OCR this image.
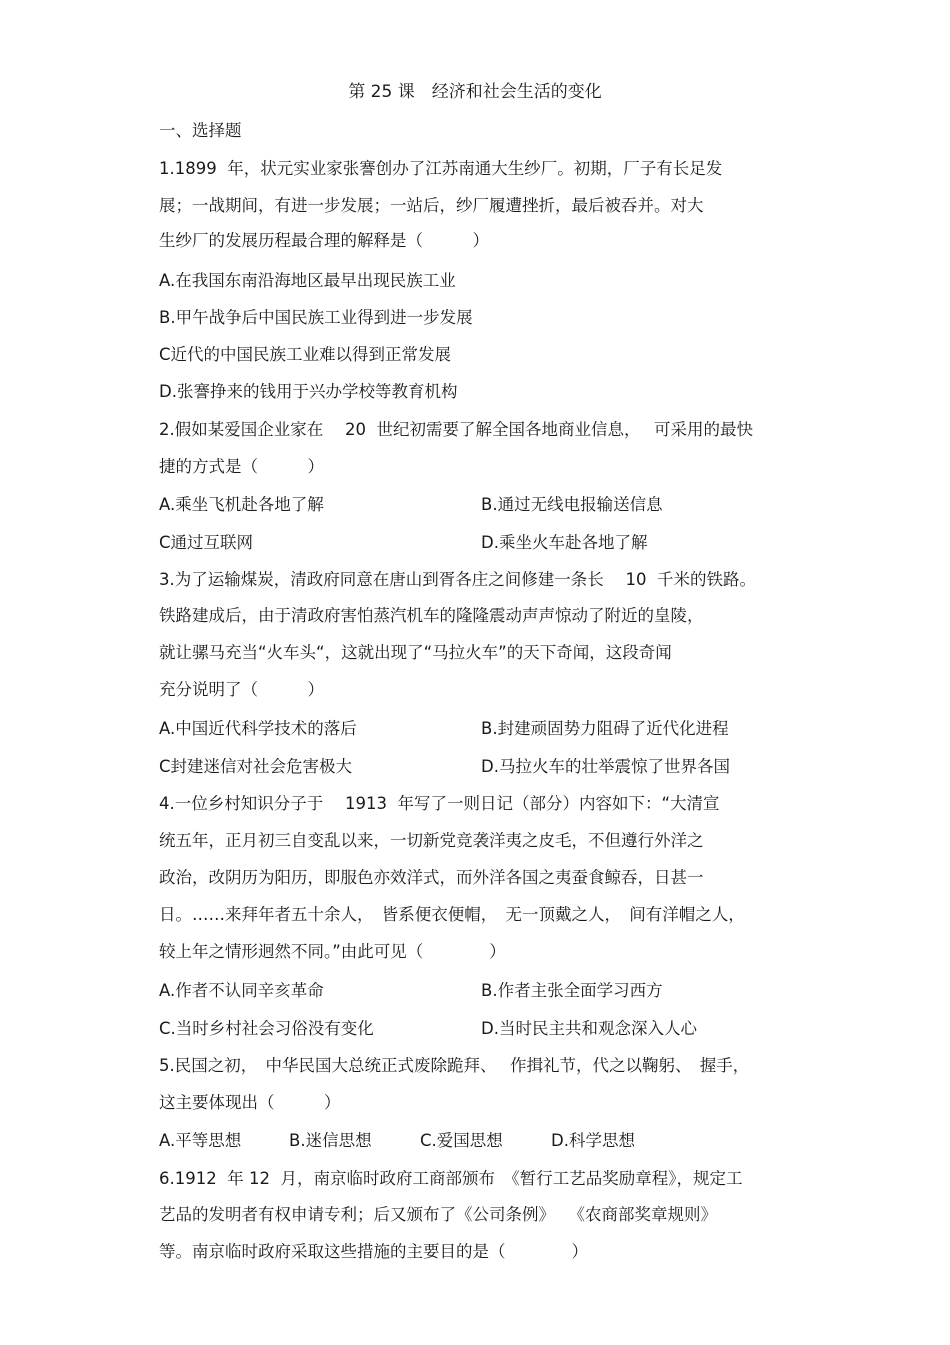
第 25 课　经济和社会生活的变化
一、选择题
1.1899  年，状元实业家张謇创办了江苏南通大生纱厂。初期，厂子有长足发
展；一战期间，有进一步发展；一站后，纱厂履遭挫折，最后被吞并。对大
生纱厂的发展历程最合理的解释是（　　　）
A.在我国东南沿海地区最早出现民族工业
B.甲午战争后中国民族工业得到进一步发展
C近代的中国民族工业难以得到正常发展
D.张謇挣来的钱用于兴办学校等教育机构
2.假如某爱国企业家在　 20  世纪初需要了解全国各地商业信息，　 可采用的最快
捷的方式是（　　　）
A.乘坐飞机赴各地了解	B.通过无线电报输送信息
C通过互联网	D.乘坐火车赴各地了解
3.为了运输煤炭，清政府同意在唐山到胥各庄之间修建一条长　 10  千米的铁路。
铁路建成后，由于清政府害怕蒸汽机车的隆隆震动声声惊动了附近的皇陵，
就让骡马充当“火车头“，这就出现了“马拉火车”的天下奇闻，这段奇闻
充分说明了（　　　）
A.中国近代科学技术的落后	B.封建顽固势力阻碍了近代化进程
C封建迷信对社会危害极大	D.马拉火车的壮举震惊了世界各国
4.一位乡村知识分子于　 1913  年写了一则日记（部分）内容如下：“大清宣
统五年，正月初三自变乱以来，一切新党竞袭洋夷之皮毛，不但遵行外洋之
政治，改阴历为阳历，即服色亦效洋式，而外洋各国之夷蚕食鲸吞，日甚一
日。……来拜年者五十余人，　皆系便衣便帽，　无一顶戴之人，　间有洋帽之人，
较上年之情形迥然不同。”由此可见（　　　　）
A.作者不认同辛亥革命	B.作者主张全面学习西方
C.当时乡村社会习俗没有变化	D.当时民主共和观念深入人心
5.民国之初，　中华民国大总统正式废除跪拜、　 作揖礼节，代之以鞠躬、　握手，
这主要体现出（　　　）
A.平等思想	B.迷信思想	C.爱国思想	D.科学思想
6.1912  年 12  月，南京临时政府工商部颁布　《暂行工艺品奖励章程》，规定工
艺品的发明者有权申请专利；后又颁布了《公司条例》　 《农商部奖章规则》
等。南京临时政府采取这些措施的主要目的是（　　　　）
